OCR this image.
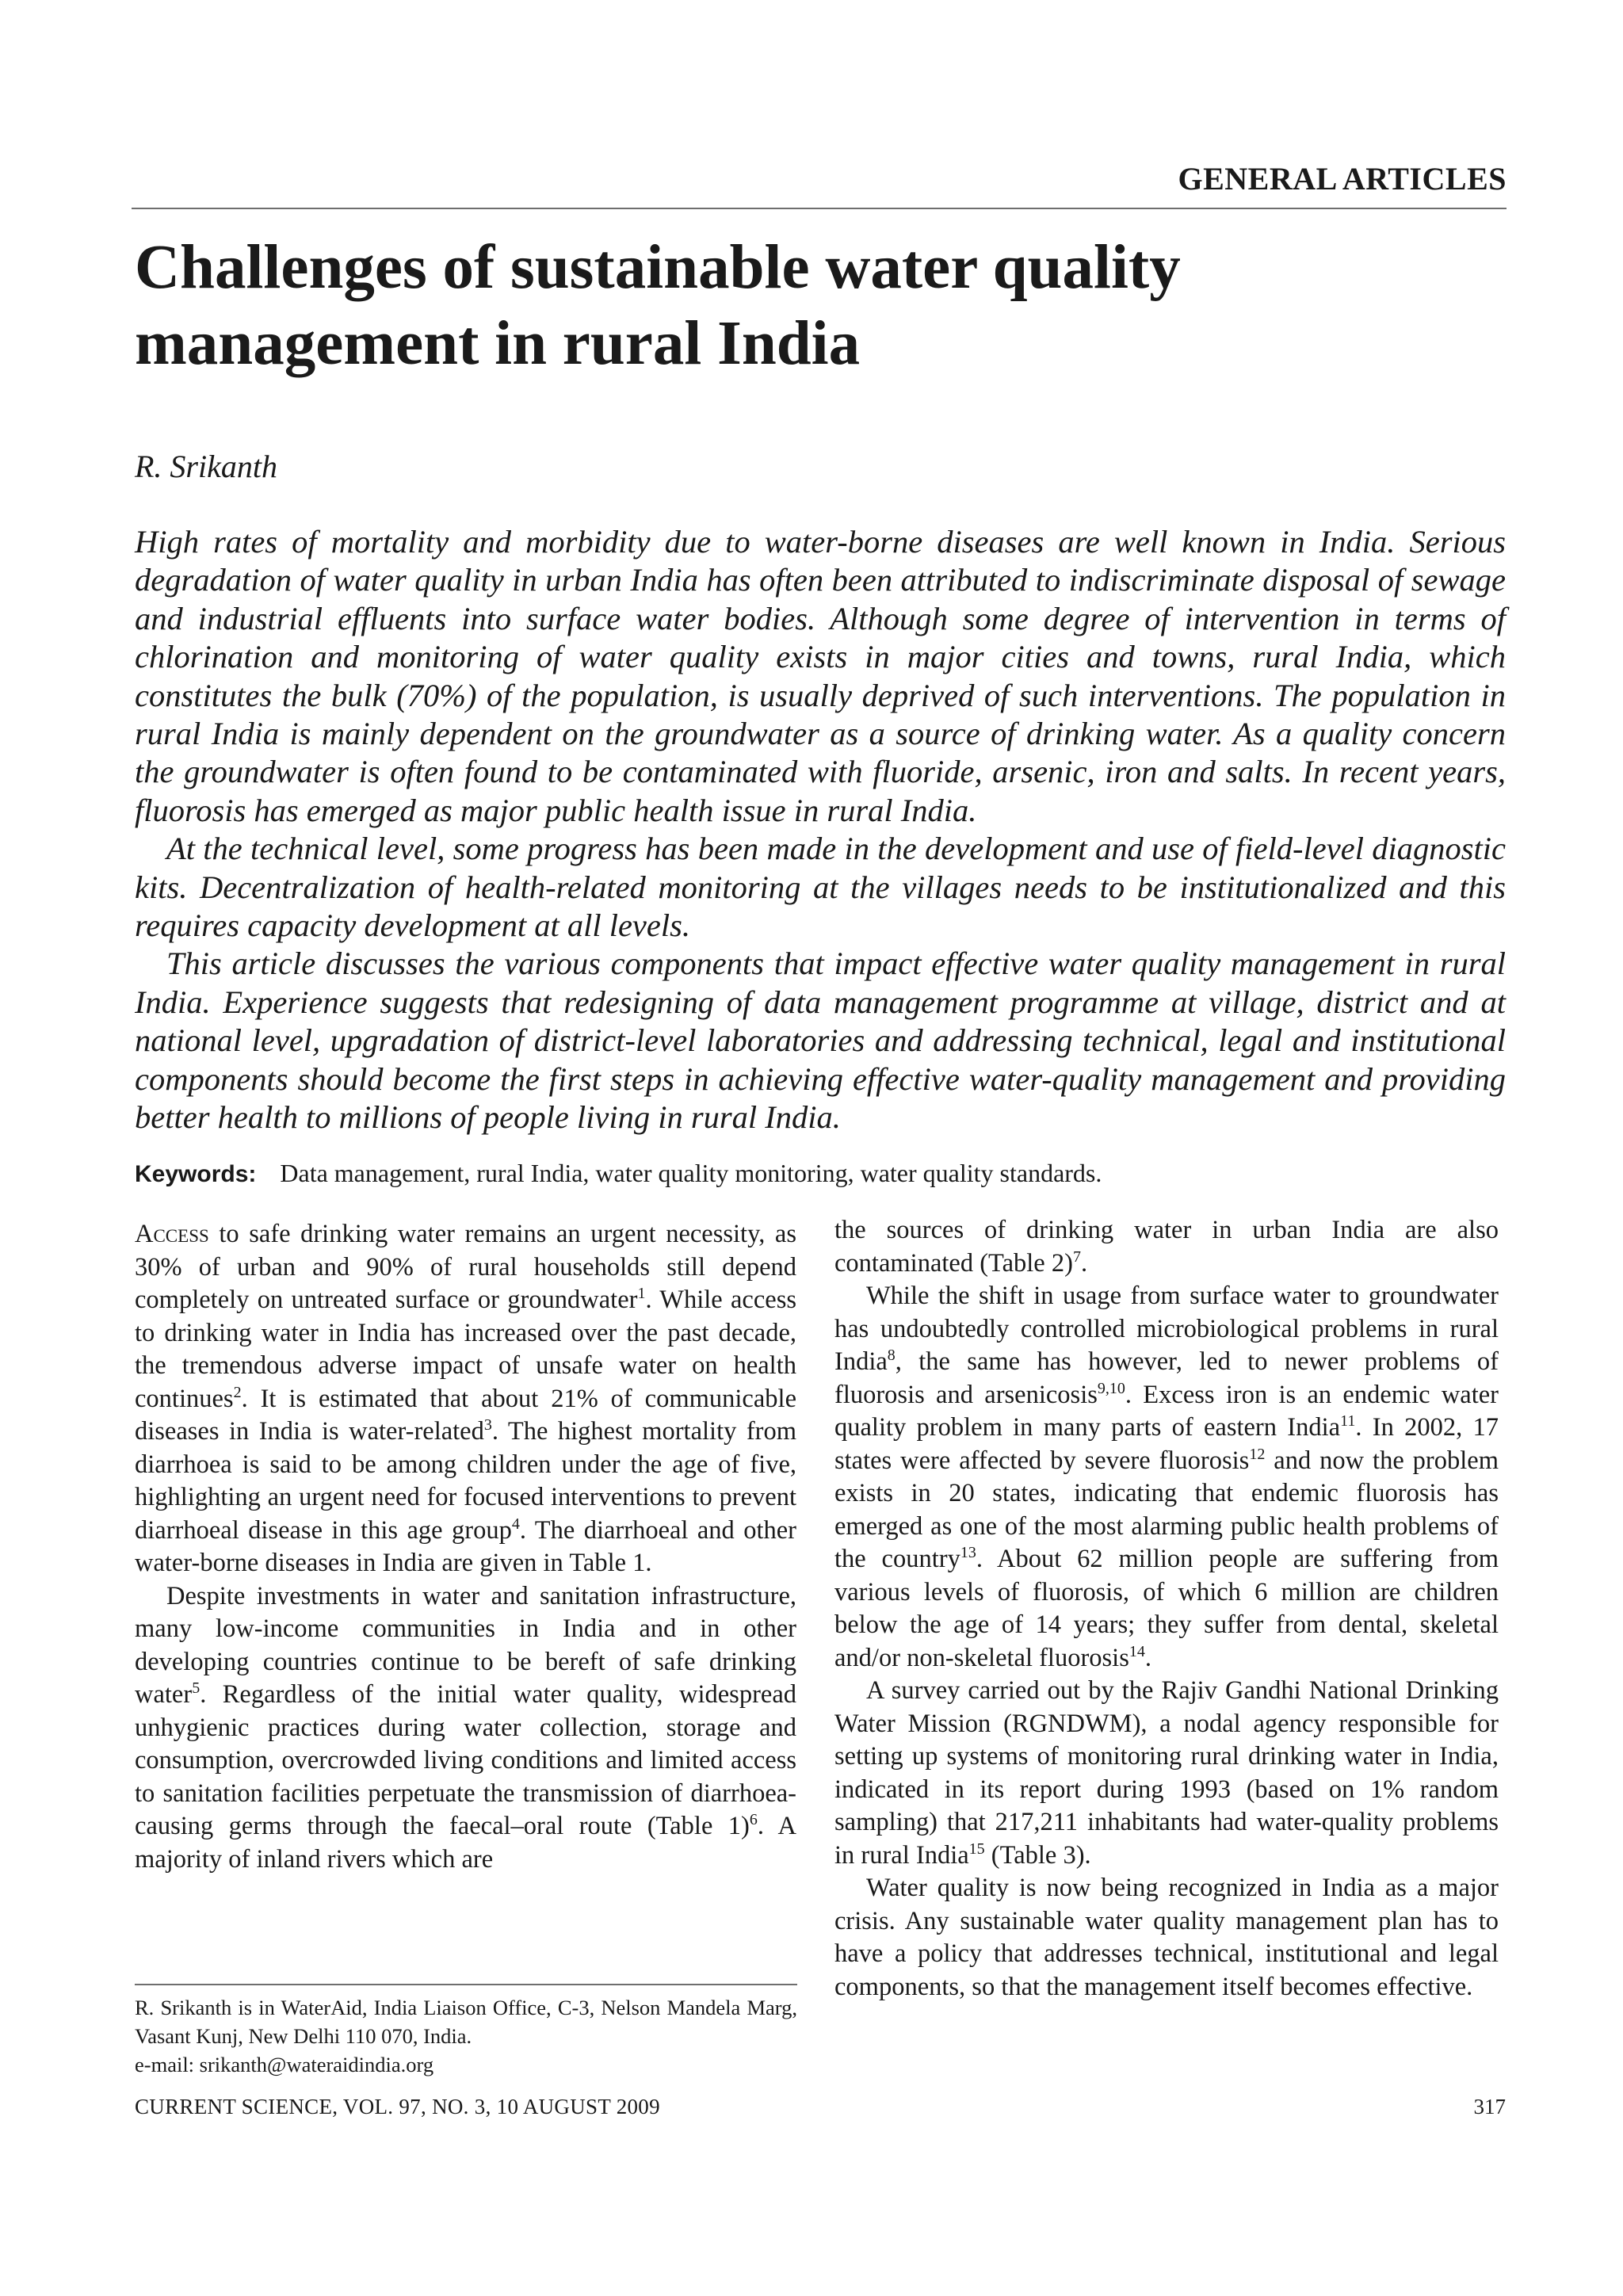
GENERAL ARTICLES
Challenges of sustainable water quality management in rural India
R. Srikanth

High rates of mortality and morbidity due to water-borne diseases are well known in India. Serious degradation of water quality in urban India has often been attributed to indiscriminate disposal of sewage and industrial effluents into surface water bodies. Although some degree of intervention in terms of chlorination and monitoring of water quality exists in major cities and towns, rural India, which constitutes the bulk (70%) of the population, is usually deprived of such interventions. The population in rural India is mainly dependent on the groundwater as a source of drinking water. As a quality concern the groundwater is often found to be contaminated with fluoride, arsenic, iron and salts. In recent years, fluorosis has emerged as major public health issue in rural India.

At the technical level, some progress has been made in the development and use of field-level diagnostic kits. Decentralization of health-related monitoring at the villages needs to be institutionalized and this requires capacity development at all levels.

This article discusses the various components that impact effective water quality management in rural India. Experience suggests that redesigning of data management programme at village, district and at national level, upgradation of district-level laboratories and addressing technical, legal and institutional components should become the first steps in achieving effective water-quality management and providing better health to millions of people living in rural India.

Keywords: Data management, rural India, water quality monitoring, water quality standards.

Access to safe drinking water remains an urgent necessity, as 30% of urban and 90% of rural households still depend completely on untreated surface or groundwater$^1$. While access to drinking water in India has increased over the past decade, the tremendous adverse impact of unsafe water on health continues$^2$. It is estimated that about 21% of communicable diseases in India is water-related$^3$. The highest mortality from diarrhoea is said to be among children under the age of five, highlighting an urgent need for focused interventions to prevent diarrhoeal disease in this age group$^4$. The diarrhoeal and other water-borne diseases in India are given in Table 1.

Despite investments in water and sanitation infrastructure, many low-income communities in India and in other developing countries continue to be bereft of safe drinking water$^5$. Regardless of the initial water quality, widespread unhygienic practices during water collection, storage and consumption, overcrowded living conditions and limited access to sanitation facilities perpetuate the transmission of diarrhoea-causing germs through the faecal–oral route (Table 1)$^6$. A majority of inland rivers which are

the sources of drinking water in urban India are also contaminated (Table 2)$^7$.

While the shift in usage from surface water to groundwater has undoubtedly controlled microbiological problems in rural India$^8$, the same has however, led to newer problems of fluorosis and arsenicosis$^{9,10}$. Excess iron is an endemic water quality problem in many parts of eastern India$^{11}$. In 2002, 17 states were affected by severe fluorosis$^{12}$ and now the problem exists in 20 states, indicating that endemic fluorosis has emerged as one of the most alarming public health problems of the country$^{13}$. About 62 million people are suffering from various levels of fluorosis, of which 6 million are children below the age of 14 years; they suffer from dental, skeletal and/or non-skeletal fluorosis$^{14}$.

A survey carried out by the Rajiv Gandhi National Drinking Water Mission (RGNDWM), a nodal agency responsible for setting up systems of monitoring rural drinking water in India, indicated in its report during 1993 (based on 1% random sampling) that 217,211 inhabitants had water-quality problems in rural India$^{15}$ (Table 3).

Water quality is now being recognized in India as a major crisis. Any sustainable water quality management plan has to have a policy that addresses technical, institutional and legal components, so that the management itself becomes effective.

R. Srikanth is in WaterAid, India Liaison Office, C-3, Nelson Mandela Marg, Vasant Kunj, New Delhi 110 070, India.

e-mail: srikanth@wateraidindia.org

CURRENT SCIENCE, VOL. 97, NO. 3, 10 AUGUST 2009	317
